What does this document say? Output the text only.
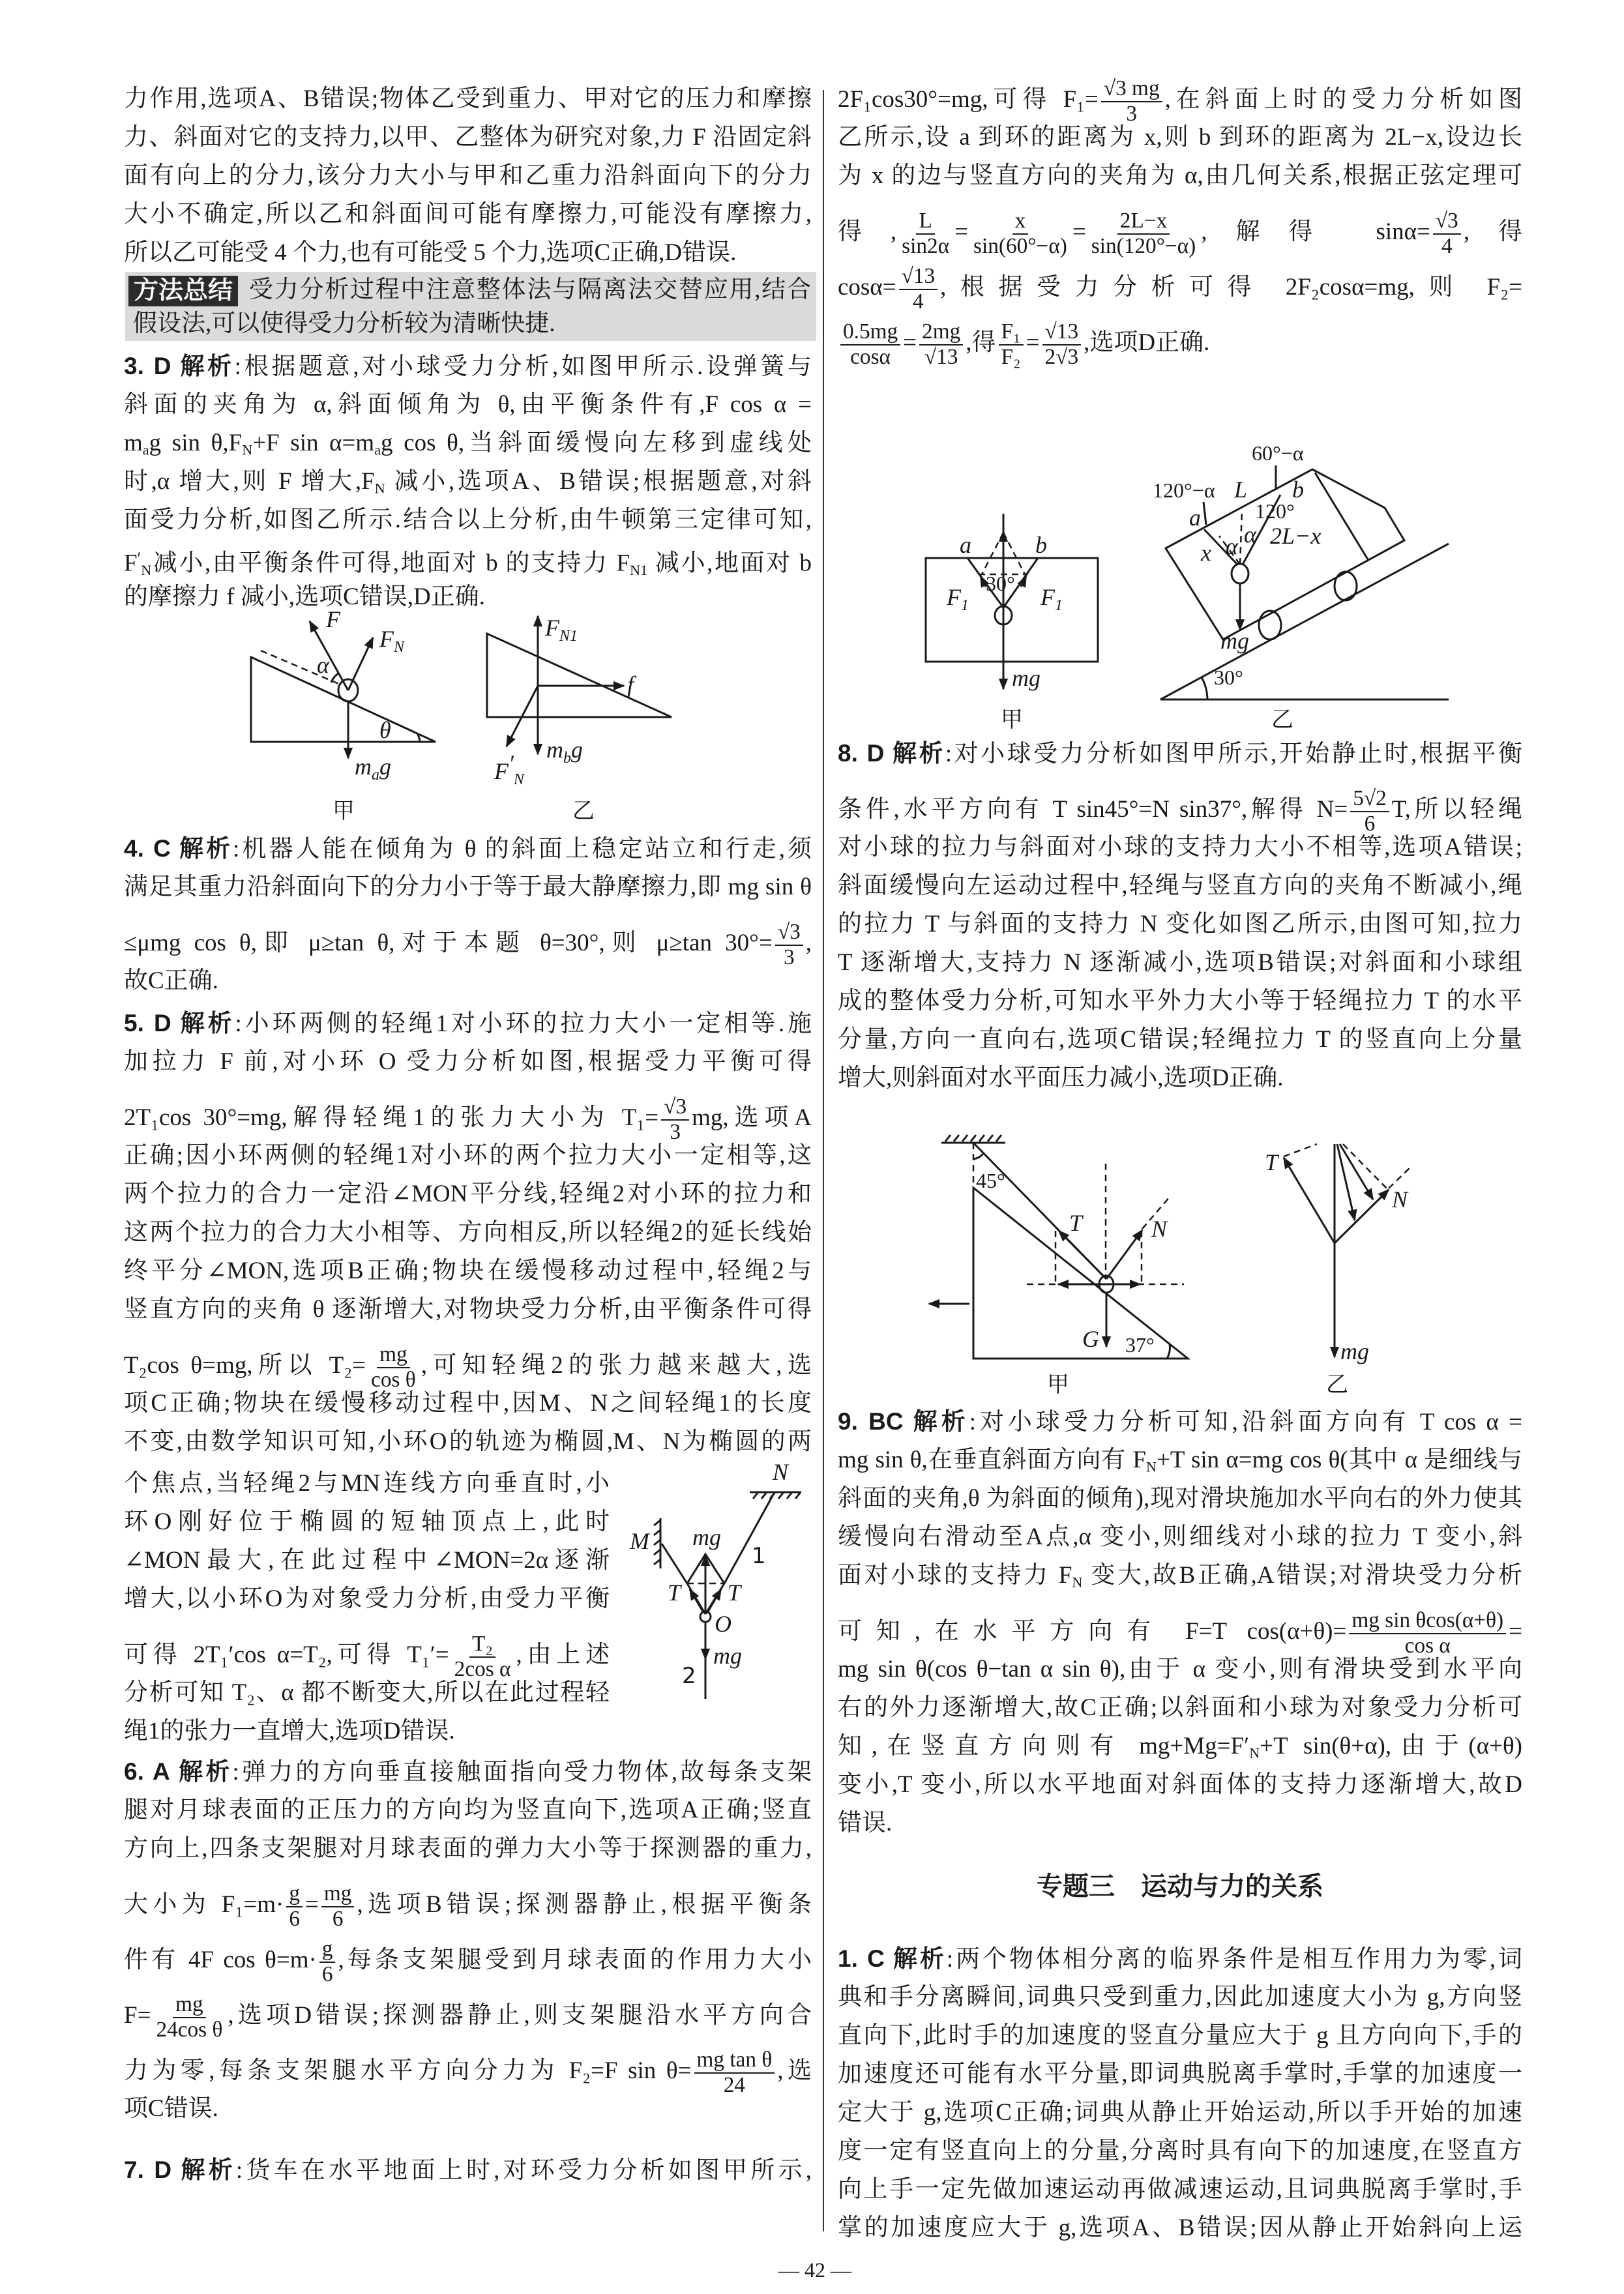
力作用,选项A、B错误;物体乙受到重力、甲对它的压力和摩擦
力、斜面对它的支持力,以甲、乙整体为研究对象,力 F 沿固定斜
面有向上的分力,该分力大小与甲和乙重力沿斜面向下的分力
大小不确定,所以乙和斜面间可能有摩擦力,可能没有摩擦力,
所以乙可能受 4 个力,也有可能受 5 个力,选项C正确,D错误.
受力分析过程中注意整体法与隔离法交替应用,结合
假设法,可以使得受力分析较为清晰快捷.
方法总结
3. D 解析:根据题意,对小球受力分析,如图甲所示.设弹簧与
斜面的夹角为 α,斜面倾角为 θ,由平衡条件有,F cos α =
$m_ag$ $\sin \theta,F_N+F$ $\sin \alpha=m_ag$ cos θ,当斜面缓慢向左移到虚线处
时,α 增大,则 F 增大$,F_N$ 减小,选项A、B错误;根据题意,对斜
面受力分析,如图乙所示.结合以上分析,由牛顿第三定律可知,
$F'_N$减小,由平衡条件可得,地面对 b 的支持力 $F_{N1}$ 减小,地面对 b
的摩擦力 f 减小,选项C错误,D正确.
4. C 解析:机器人能在倾角为 θ 的斜面上稳定站立和行走,须
满足其重力沿斜面向下的分力小于等于最大静摩擦力,即 mg sin θ
≤μmg cos θ,即 μ≥tan θ,对于本题 θ=30°,则 μ≥tan $30^\circ= \frac{√3}{3}$ ,
故C正确.
5. D 解析:小环两侧的轻绳1对小环的拉力大小一定相等.施
加拉力 F 前,对小环 O 受力分析如图,根据受力平衡可得
2T₁cos 30°=mg,解得轻绳1的张力大小为 $T_1= \frac{√3}{3}$ mg,选项A
正确;因小环两侧的轻绳1对小环的两个拉力大小一定相等,这
两个拉力的合力一定沿∠MON平分线,轻绳2对小环的拉力和
这两个拉力的合力大小相等、方向相反,所以轻绳2的延长线始
终平分∠MON,选项B正确;物块在缓慢移动过程中,轻绳2与
竖直方向的夹角 θ 逐渐增大,对物块受力分析,由平衡条件可得
T₂cos θ=mg,所以 $T_2= \frac{mg}{\text{cos θ}}$ ,可知轻绳2的张力越来越大,选
项C正确;物块在缓慢移动过程中,因M、N之间轻绳1的长度
不变,由数学知识可知,小环O的轨迹为椭圆,M、N为椭圆的两
个焦点,当轻绳2与MN连线方向垂直时,小
环O刚好位于椭圆的短轴顶点上,此时
∠MON最大,在此过程中∠MON=2α逐渐
增大,以小环O为对象受力分析,由受力平衡
可得 2T₁′cos α=T₂,可得 $T_1'= \frac{\text{T₂}}{\text{2cos α}}$ ,由上述
分析可知 T₂、α 都不断变大,所以在此过程轻
绳1的张力一直增大,选项D错误.
6. A 解析:弹力的方向垂直接触面指向受力物体,故每条支架
腿对月球表面的正压力的方向均为竖直向下,选项A正确;竖直
方向上,四条支架腿对月球表面的弹力大小等于探测器的重力,
大小为 $F_1=m\cdot \frac{g}{6} = \frac{mg}{6}$ ,选项B错误;探测器静止,根据平衡条
件有 4F $\cos \theta=m\cdot \frac{g}{6}$ ,每条支架腿受到月球表面的作用力大小
$F= \frac{mg}{\text{24cos θ}}$ ,选项D错误;探测器静止,则支架腿沿水平方向合
力为零,每条支架腿水平方向分力为 F₂=F $\sin \theta= \frac{\text{mg tan θ}}{24}$ ,选
项C错误.
7. D 解析:货车在水平地面上时,对环受力分析如图甲所示,
2F₁cos30°=mg,可得 $F_1= \frac{√3 mg}{3}$ ,在斜面上时的受力分析如图
乙所示,设 a 到环的距离为 x,则 b 到环的距离为 2L−x,设边长
为 x 的边与竖直方向的夹角为 α,由几何关系,根据正弦定理可
得, $\frac{L}{\sin 2\alpha} = \frac{x}{\sin(60^\circ-\alpha)} = \frac{2L-x}{\sin(120^\circ-\alpha)}$ ,解得 $\sin\alpha= \frac{√3}{4}$ ,得
$\cos\alpha= \frac{√13}{4}$ ,根据受力分析可得 2F₂cosα=mg,则 F₂=
$\frac{0.5mg}{\cos\alpha} = \frac{2mg}{√13}$ ,得 $\frac{\text{F₁}}{\text{F₂}} = \frac{√13}{2√3}$ ,选项D正确.
8. D 解析:对小球受力分析如图甲所示,开始静止时,根据平衡
条件,水平方向有 T sin45°=N sin37°,解得 $N= \frac{5√2}{6} T$,所以轻绳
对小球的拉力与斜面对小球的支持力大小不相等,选项A错误;
斜面缓慢向左运动过程中,轻绳与竖直方向的夹角不断减小,绳
的拉力 T 与斜面的支持力 N 变化如图乙所示,由图可知,拉力
T 逐渐增大,支持力 N 逐渐减小,选项B错误;对斜面和小球组
成的整体受力分析,可知水平外力大小等于轻绳拉力 T 的水平
分量,方向一直向右,选项C错误;轻绳拉力 T 的竖直向上分量
增大,则斜面对水平面压力减小,选项D正确.
9. BC 解析:对小球受力分析可知,沿斜面方向有 T cos α =
mg sin θ,在垂直斜面方向有 $F_N+T$ sin α=mg cos θ(其中 α 是细线与
斜面的夹角,θ 为斜面的倾角),现对滑块施加水平向右的外力使其
缓慢向右滑动至A点,α 变小,则细线对小球的拉力 T 变小,斜
面对小球的支持力 $F_N$ 变大,故B正确,A错误;对滑块受力分析
可知,在水平方向有 F=T $\cos(\alpha+\theta)= \frac{\text{mg sin θcos(α+θ)}}{\text{cos α}}$ =
mg sin θ(cos θ−tan α sin θ),由于 α 变小,则有滑块受到水平向
右的外力逐渐增大,故C正确;以斜面和小球为对象受力分析可
知,在竖直方向则有 $mg+Mg=F'_N+T$ sin(θ+α),由于(α+θ)
变小,T 变小,所以水平地面对斜面体的支持力逐渐增大,故D
错误.
专题三　运动与力的关系
1. C 解析:两个物体相分离的临界条件是相互作用力为零,词
典和手分离瞬间,词典只受到重力,因此加速度大小为 g,方向竖
直向下,此时手的加速度的竖直分量应大于 g 且方向向下,手的
加速度还可能有水平分量,即词典脱离手掌时,手掌的加速度一
定大于 g,选项C正确;词典从静止开始运动,所以手开始的加速
度一定有竖直向上的分量,分离时具有向下的加速度,在竖直方
向上手一定先做加速运动再做减速运动,且词典脱离手掌时,手
掌的加速度应大于 g,选项A、B错误;因从静止开始斜向上运
— 42 —
F
$F_N$
α
θ
$m_ag$
甲
$F_{N1}$
f
$F'_N$
$m_bg$
乙
N
M mg
1
T T
O
mg
2
a	b
30°
$F_1$	$F_1$
mg
甲
60°−α
120°−α L b
a	120°
α 2L−x
x α
mg
30°
乙
45°
T	N
G 37°
甲
T
N
mg
乙
